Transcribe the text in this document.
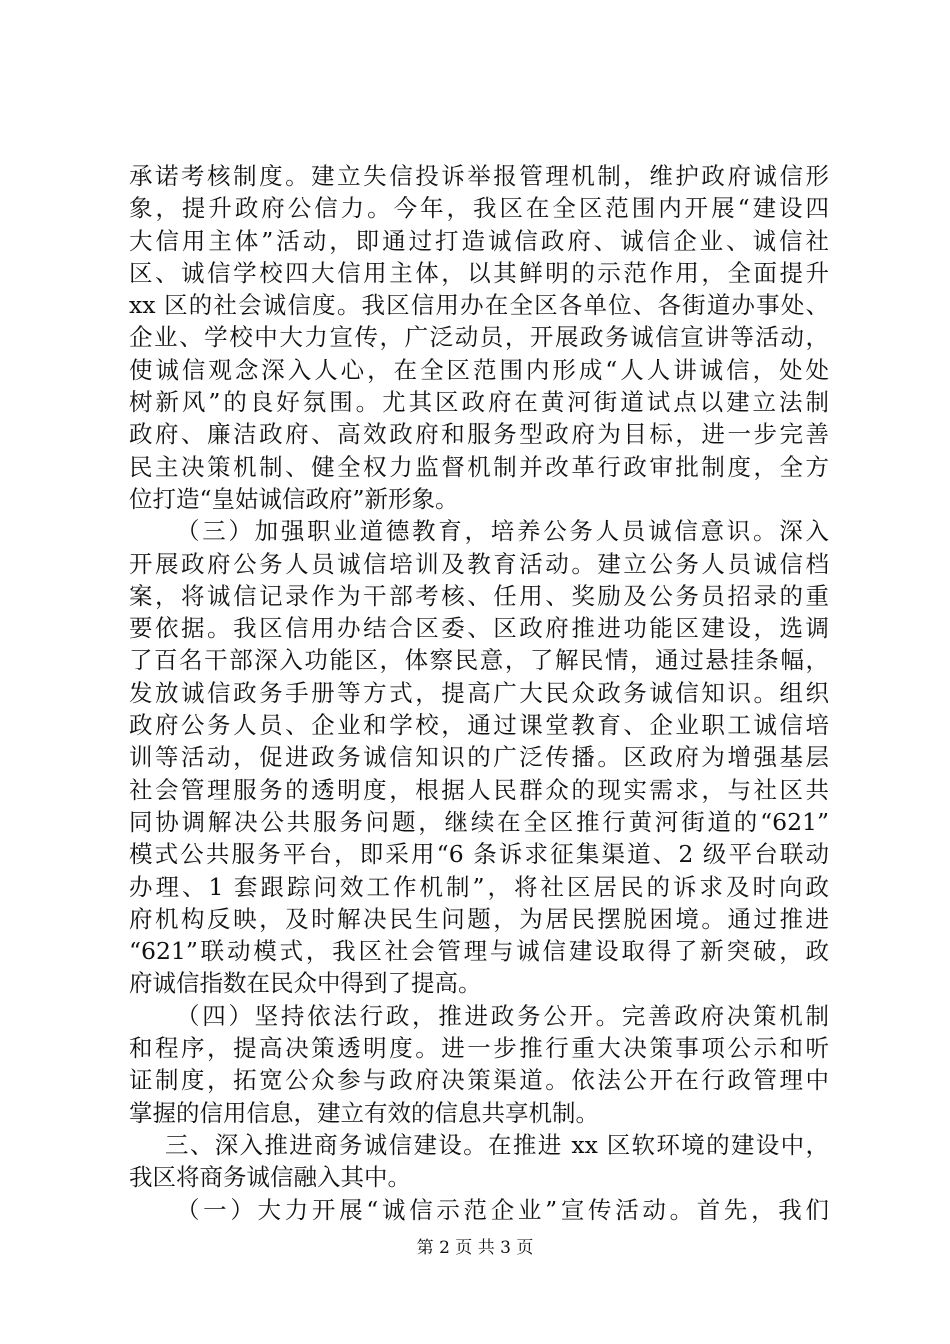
承诺考核制度。建立失信投诉举报管理机制，维护政府诚信形
象，提升政府公信力。今年，我区在全区范围内开展“建设四
大信用主体”活动，即通过打造诚信政府、诚信企业、诚信社
区、诚信学校四大信用主体，以其鲜明的示范作用，全面提升
xx 区的社会诚信度。我区信用办在全区各单位、各街道办事处、
企业、学校中大力宣传，广泛动员，开展政务诚信宣讲等活动，
使诚信观念深入人心，在全区范围内形成“人人讲诚信，处处
树新风”的良好氛围。尤其区政府在黄河街道试点以建立法制
政府、廉洁政府、高效政府和服务型政府为目标，进一步完善
民主决策机制、健全权力监督机制并改革行政审批制度，全方
位打造“皇姑诚信政府”新形象。
（三）加强职业道德教育，培养公务人员诚信意识。深入
开展政府公务人员诚信培训及教育活动。建立公务人员诚信档
案，将诚信记录作为干部考核、任用、奖励及公务员招录的重
要依据。我区信用办结合区委、区政府推进功能区建设，选调
了百名干部深入功能区，体察民意，了解民情，通过悬挂条幅，
发放诚信政务手册等方式，提高广大民众政务诚信知识。组织
政府公务人员、企业和学校，通过课堂教育、企业职工诚信培
训等活动，促进政务诚信知识的广泛传播。区政府为增强基层
社会管理服务的透明度，根据人民群众的现实需求，与社区共
同协调解决公共服务问题，继续在全区推行黄河街道的“621”
模式公共服务平台，即采用“6 条诉求征集渠道、2 级平台联动
办理、1 套跟踪问效工作机制”，将社区居民的诉求及时向政
府机构反映，及时解决民生问题，为居民摆脱困境。通过推进
“621”联动模式，我区社会管理与诚信建设取得了新突破，政
府诚信指数在民众中得到了提高。
（四）坚持依法行政，推进政务公开。完善政府决策机制
和程序，提高决策透明度。进一步推行重大决策事项公示和听
证制度，拓宽公众参与政府决策渠道。依法公开在行政管理中
掌握的信用信息，建立有效的信息共享机制。
三、深入推进商务诚信建设。在推进 xx 区软环境的建设中，
我区将商务诚信融入其中。
（一）大力开展“诚信示范企业”宣传活动。首先，我们
第 2 页 共 3 页
